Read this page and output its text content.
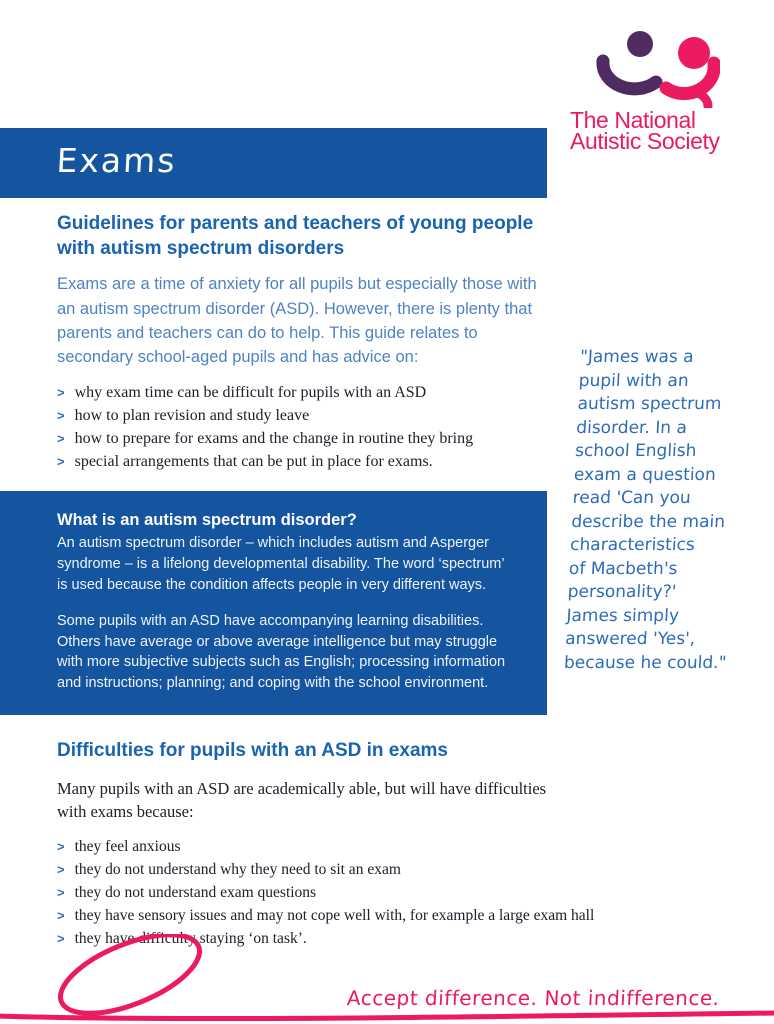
The National
Autistic Society
Exams
Guidelines for parents and teachers of young people with autism spectrum disorders

Exams are a time of anxiety for all pupils but especially those with an autism spectrum disorder (ASD). However, there is plenty that parents and teachers can do to help. This guide relates to secondary school-aged pupils and has advice on:

> why exam time can be difficult for pupils with an ASD
> how to plan revision and study leave
> how to prepare for exams and the change in routine they bring
> special arrangements that can be put in place for exams.
What is an autism spectrum disorder?

An autism spectrum disorder – which includes autism and Asperger syndrome – is a lifelong developmental disability. The word ‘spectrum’ is used because the condition affects people in very different ways.

Some pupils with an ASD have accompanying learning disabilities. Others have average or above average intelligence but may struggle with more subjective subjects such as English; processing information and instructions; planning; and coping with the school environment.

Difficulties for pupils with an ASD in exams

Many pupils with an ASD are academically able, but will have difficulties with exams because:

> they feel anxious
> they do not understand why they need to sit an exam
> they do not understand exam questions
> they have sensory issues and may not cope well with, for example a large exam hall
> they have difficulty staying ‘on task’.

"James was a
pupil with an
autism spectrum
disorder. In a
school English
exam a question
read 'Can you
describe the main
characteristics
of Macbeth's
personality?'
James simply
answered 'Yes',
because he could."

Accept difference. Not indifference.
